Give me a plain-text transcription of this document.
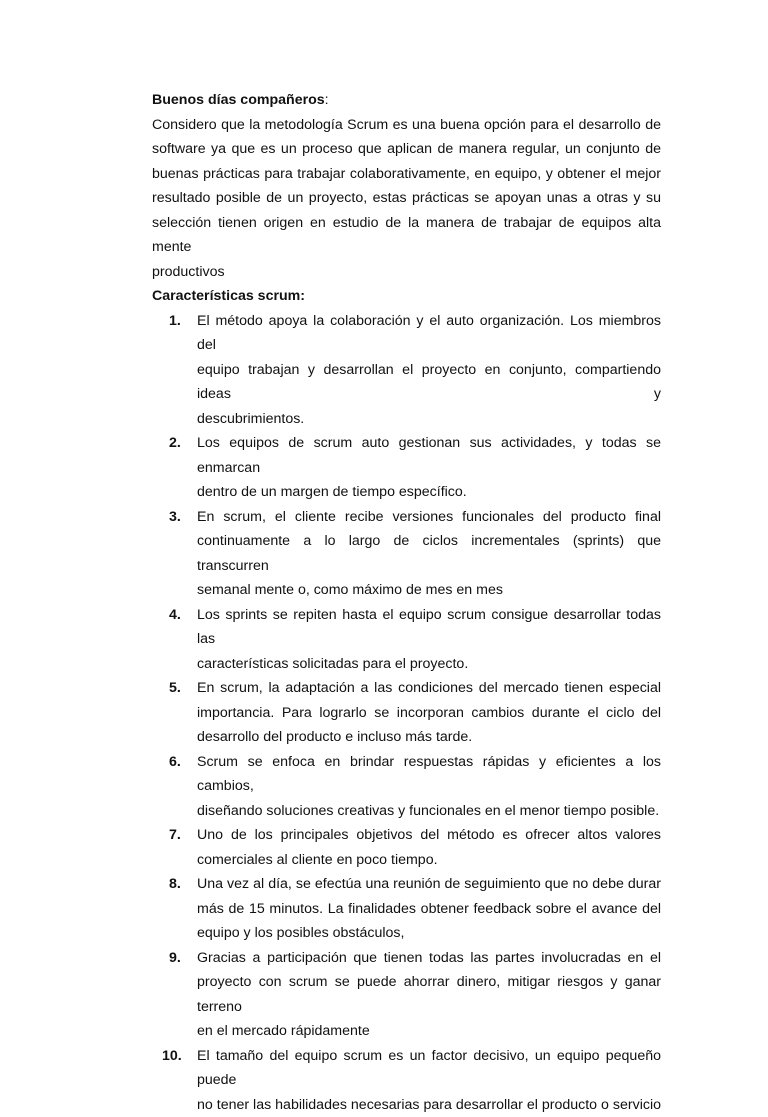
Buenos días compañeros:
Considero que la metodología Scrum es una buena opción para el desarrollo de
software ya que es un proceso que aplican de manera regular, un conjunto de
buenas prácticas para trabajar colaborativamente, en equipo, y obtener el mejor
resultado posible de un proyecto, estas prácticas se apoyan unas a otras y su
selección tienen origen en estudio de la manera de trabajar de equipos alta mente
productivos
Características scrum:
1. El método apoya la colaboración y el auto organización. Los miembros del
equipo trabajan y desarrollan el proyecto en conjunto, compartiendo ideas y
descubrimientos.
2. Los equipos de scrum auto gestionan sus actividades, y todas se enmarcan
dentro de un margen de tiempo específico.
3. En scrum, el cliente recibe versiones funcionales del producto final
continuamente a lo largo de ciclos incrementales (sprints) que transcurren
semanal mente o, como máximo de mes en mes
4. Los sprints se repiten hasta el equipo scrum consigue desarrollar todas las
características solicitadas para el proyecto.
5. En scrum, la adaptación a las condiciones del mercado tienen especial
importancia. Para lograrlo se incorporan cambios durante el ciclo del
desarrollo del producto e incluso más tarde.
6. Scrum se enfoca en brindar respuestas rápidas y eficientes a los cambios,
diseñando soluciones creativas y funcionales en el menor tiempo posible.
7. Uno de los principales objetivos del método es ofrecer altos valores
comerciales al cliente en poco tiempo.
8. Una vez al día, se efectúa una reunión de seguimiento que no debe durar
más de 15 minutos. La finalidades obtener feedback sobre el avance del
equipo y los posibles obstáculos,
9. Gracias a participación que tienen todas las partes involucradas en el
proyecto con scrum se puede ahorrar dinero, mitigar riesgos y ganar terreno
en el mercado rápidamente
10. El tamaño del equipo scrum es un factor decisivo, un equipo pequeño puede
no tener las habilidades necesarias para desarrollar el producto o servicio
